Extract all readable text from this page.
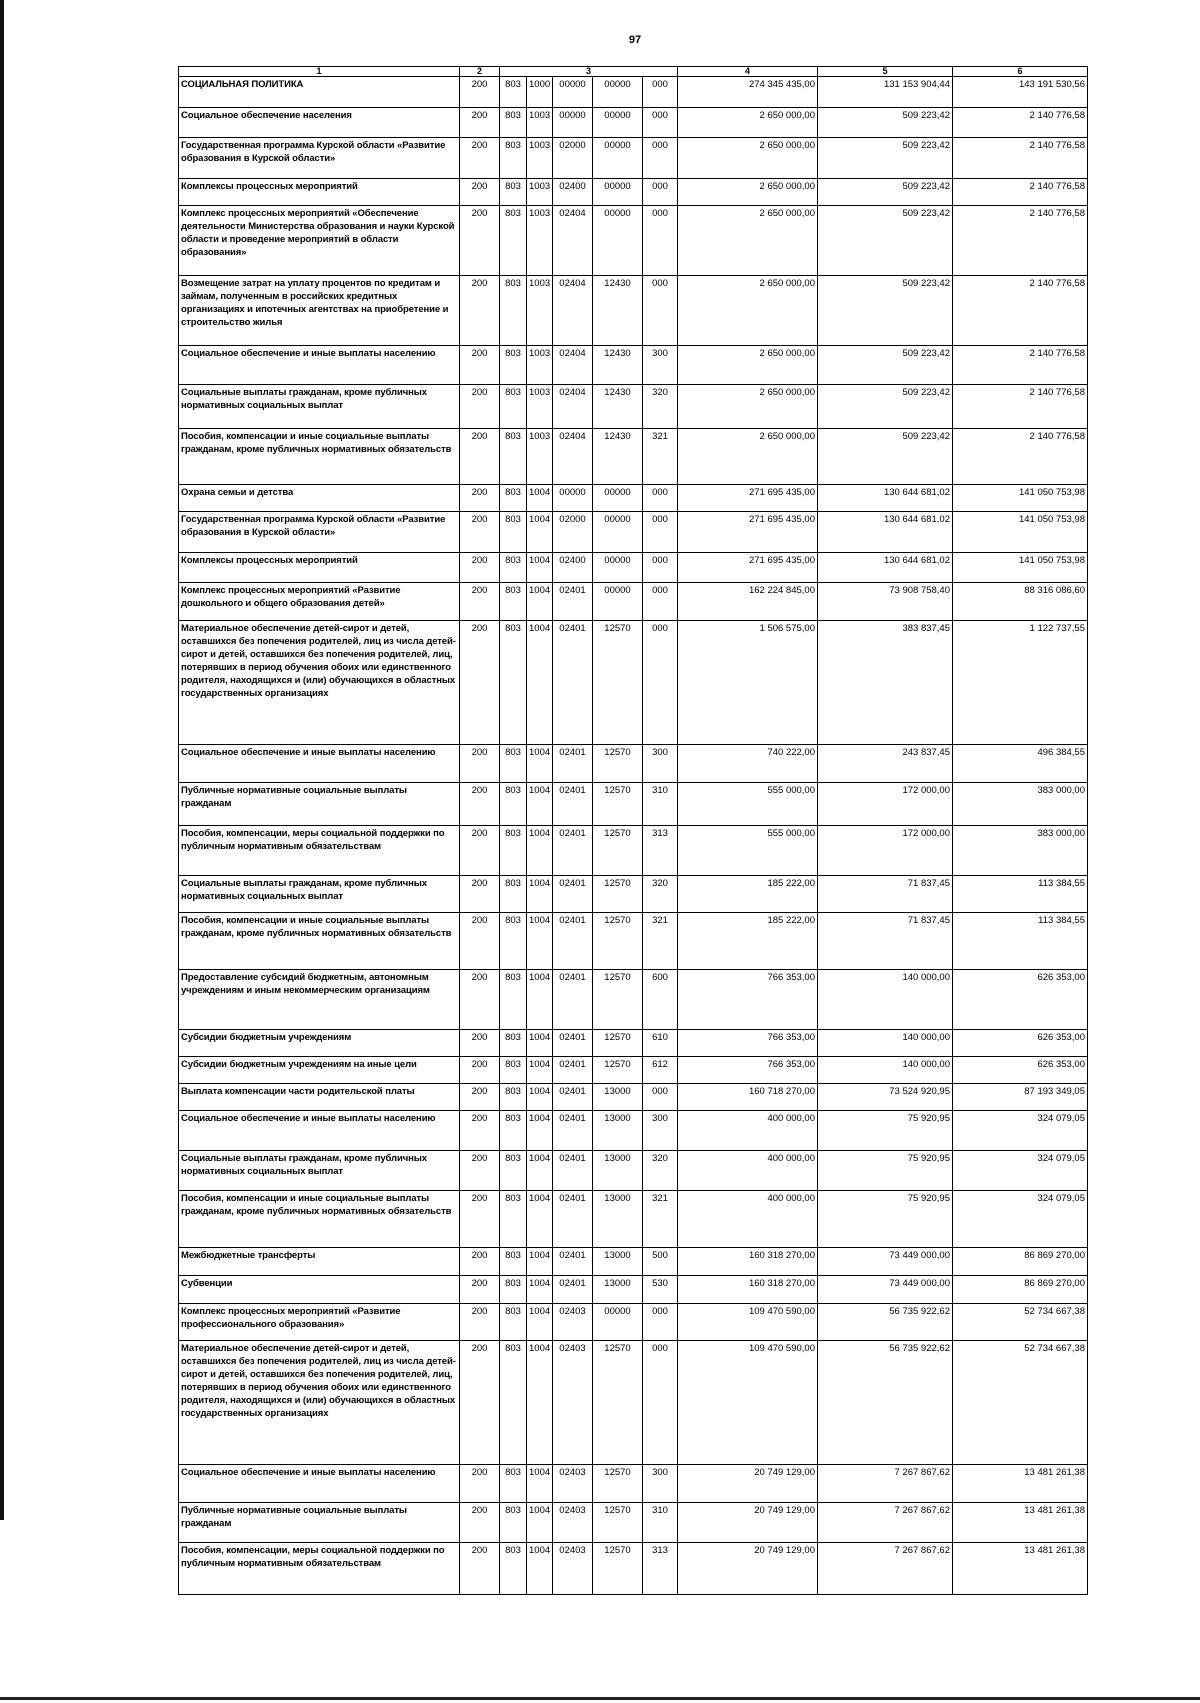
97
1	2	3					4	5	6
СОЦИАЛЬНАЯ ПОЛИТИКА	200	803	1000	00000	00000	000	274 345 435,00	131 153 904,44	143 191 530,56
Социальное обеспечение населения	200	803	1003	00000	00000	000	2 650 000,00	509 223,42	2 140 776,58
Государственная программа Курской области «Развитие образования в Курской области»	200	803	1003	02000	00000	000	2 650 000,00	509 223,42	2 140 776,58
Комплексы процессных мероприятий	200	803	1003	02400	00000	000	2 650 000,00	509 223,42	2 140 776,58
Комплекс процессных мероприятий «Обеспечение деятельности Министерства образования и науки Курской области и проведение мероприятий в области образования»	200	803	1003	02404	00000	000	2 650 000,00	509 223,42	2 140 776,58
Возмещение затрат на уплату процентов по кредитам и займам, полученным в российских кредитных организациях и ипотечных агентствах на приобретение и строительство жилья	200	803	1003	02404	12430	000	2 650 000,00	509 223,42	2 140 776,58
Социальное обеспечение и иные выплаты населению	200	803	1003	02404	12430	300	2 650 000,00	509 223,42	2 140 776,58
Социальные выплаты гражданам, кроме публичных нормативных социальных выплат	200	803	1003	02404	12430	320	2 650 000,00	509 223,42	2 140 776,58
Пособия, компенсации и иные социальные выплаты гражданам, кроме публичных нормативных обязательств	200	803	1003	02404	12430	321	2 650 000,00	509 223,42	2 140 776,58
Охрана семьи и детства	200	803	1004	00000	00000	000	271 695 435,00	130 644 681,02	141 050 753,98
Государственная программа Курской области «Развитие образования в Курской области»	200	803	1004	02000	00000	000	271 695 435,00	130 644 681,02	141 050 753,98
Комплексы процессных мероприятий	200	803	1004	02400	00000	000	271 695 435,00	130 644 681,02	141 050 753,98
Комплекс процессных мероприятий «Развитие дошкольного и общего образования детей»	200	803	1004	02401	00000	000	162 224 845,00	73 908 758,40	88 316 086,60
Материальное обеспечение детей-сирот и детей, оставшихся без попечения родителей, лиц из числа детей-сирот и детей, оставшихся без попечения родителей, лиц, потерявших в период обучения обоих или единственного родителя, находящихся и (или) обучающихся в областных государственных организациях	200	803	1004	02401	12570	000	1 506 575,00	383 837,45	1 122 737,55
Социальное обеспечение и иные выплаты населению	200	803	1004	02401	12570	300	740 222,00	243 837,45	496 384,55
Публичные нормативные социальные выплаты гражданам	200	803	1004	02401	12570	310	555 000,00	172 000,00	383 000,00
Пособия, компенсации, меры социальной поддержки по публичным нормативным обязательствам	200	803	1004	02401	12570	313	555 000,00	172 000,00	383 000,00
Социальные выплаты гражданам, кроме публичных нормативных социальных выплат	200	803	1004	02401	12570	320	185 222,00	71 837,45	113 384,55
Пособия, компенсации и иные социальные выплаты гражданам, кроме публичных нормативных обязательств	200	803	1004	02401	12570	321	185 222,00	71 837,45	113 384,55
Предоставление субсидий бюджетным, автономным учреждениям и иным некоммерческим организациям	200	803	1004	02401	12570	600	766 353,00	140 000,00	626 353,00
Субсидии бюджетным учреждениям	200	803	1004	02401	12570	610	766 353,00	140 000,00	626 353,00
Субсидии бюджетным учреждениям на иные цели	200	803	1004	02401	12570	612	766 353,00	140 000,00	626 353,00
Выплата компенсации части родительской платы	200	803	1004	02401	13000	000	160 718 270,00	73 524 920,95	87 193 349,05
Социальное обеспечение и иные выплаты населению	200	803	1004	02401	13000	300	400 000,00	75 920,95	324 079,05
Социальные выплаты гражданам, кроме публичных нормативных социальных выплат	200	803	1004	02401	13000	320	400 000,00	75 920,95	324 079,05
Пособия, компенсации и иные социальные выплаты гражданам, кроме публичных нормативных обязательств	200	803	1004	02401	13000	321	400 000,00	75 920,95	324 079,05
Межбюджетные трансферты	200	803	1004	02401	13000	500	160 318 270,00	73 449 000,00	86 869 270,00
Субвенции	200	803	1004	02401	13000	530	160 318 270,00	73 449 000,00	86 869 270,00
Комплекс процессных мероприятий «Развитие профессионального образования»	200	803	1004	02403	00000	000	109 470 590,00	56 735 922,62	52 734 667,38
Материальное обеспечение детей-сирот и детей, оставшихся без попечения родителей, лиц из числа детей-сирот и детей, оставшихся без попечения родителей, лиц, потерявших в период обучения обоих или единственного родителя, находящихся и (или) обучающихся в областных государственных организациях	200	803	1004	02403	12570	000	109 470 590,00	56 735 922,62	52 734 667,38
Социальное обеспечение и иные выплаты населению	200	803	1004	02403	12570	300	20 749 129,00	7 267 867,62	13 481 261,38
Публичные нормативные социальные выплаты гражданам	200	803	1004	02403	12570	310	20 749 129,00	7 267 867,62	13 481 261,38
Пособия, компенсации, меры социальной поддержки по публичным нормативным обязательствам	200	803	1004	02403	12570	313	20 749 129,00	7 267 867,62	13 481 261,38
